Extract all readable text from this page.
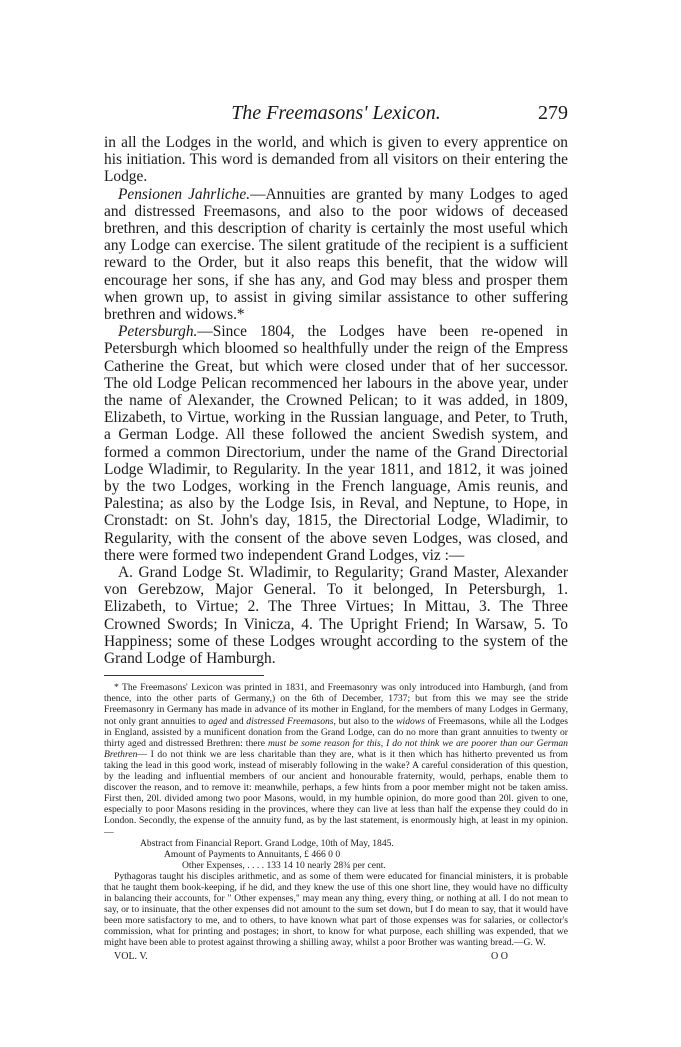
The Freemasons' Lexicon.	279

in all the Lodges in the world, and which is given to every apprentice on his initiation. This word is demanded from all visitors on their entering the Lodge.

Pensionen Jahrliche.—Annuities are granted by many Lodges to aged and distressed Freemasons, and also to the poor widows of deceased brethren, and this description of charity is certainly the most useful which any Lodge can exercise. The silent gratitude of the recipient is a sufficient reward to the Order, but it also reaps this benefit, that the widow will encourage her sons, if she has any, and God may bless and prosper them when grown up, to assist in giving similar assistance to other suffering brethren and widows.*

Petersburgh.—Since 1804, the Lodges have been re-opened in Petersburgh which bloomed so healthfully under the reign of the Empress Catherine the Great, but which were closed under that of her successor. The old Lodge Pelican recommenced her labours in the above year, under the name of Alexander, the Crowned Pelican; to it was added, in 1809, Elizabeth, to Virtue, working in the Russian language, and Peter, to Truth, a German Lodge. All these followed the ancient Swedish system, and formed a common Directorium, under the name of the Grand Directorial Lodge Wladimir, to Regularity. In the year 1811, and 1812, it was joined by the two Lodges, working in the French language, Amis reunis, and Palestina; as also by the Lodge Isis, in Reval, and Neptune, to Hope, in Cronstadt: on St. John's day, 1815, the Directorial Lodge, Wladimir, to Regularity, with the consent of the above seven Lodges, was closed, and there were formed two independent Grand Lodges, viz :—

A. Grand Lodge St. Wladimir, to Regularity; Grand Master, Alexander von Gerebzow, Major General. To it belonged, In Petersburgh, 1. Elizabeth, to Virtue; 2. The Three Virtues; In Mittau, 3. The Three Crowned Swords; In Vinicza, 4. The Upright Friend; In Warsaw, 5. To Happiness; some of these Lodges wrought according to the system of the Grand Lodge of Hamburgh.

* The Freemasons' Lexicon was printed in 1831, and Freemasonry was only introduced into Hamburgh, (and from thence, into the other parts of Germany,) on the 6th of December, 1737; but from this we may see the stride Freemasonry in Germany has made in advance of its mother in England, for the members of many Lodges in Germany, not only grant annuities to aged and distressed Freemasons, but also to the widows of Freemasons, while all the Lodges in England, assisted by a munificent donation from the Grand Lodge, can do no more than grant annuities to twenty or thirty aged and distressed Brethren: there must be some reason for this, I do not think we are poorer than our German Brethren— I do not think we are less charitable than they are, what is it then which has hitherto prevented us from taking the lead in this good work, instead of miserably following in the wake? A careful consideration of this question, by the leading and influential members of our ancient and honourable fraternity, would, perhaps, enable them to discover the reason, and to remove it: meanwhile, perhaps, a few hints from a poor member might not be taken amiss. First then, 20l. divided among two poor Masons, would, in my humble opinion, do more good than 20l. given to one, especially to poor Masons residing in the provinces, where they can live at less than half the expense they could do in London. Secondly, the expense of the annuity fund, as by the last statement, is enormously high, at least in my opinion.—

Abstract from Financial Report. Grand Lodge, 10th of May, 1845.

Amount of Payments to Annuitants, £ 466 0 0

Other Expenses, . . . . 133 14 10 nearly 28¾ per cent.

Pythagoras taught his disciples arithmetic, and as some of them were educated for financial ministers, it is probable that he taught them book-keeping, if he did, and they knew the use of this one short line, they would have no difficulty in balancing their accounts, for " Other expenses," may mean any thing, every thing, or nothing at all. I do not mean to say, or to insinuate, that the other expenses did not amount to the sum set down, but I do mean to say, that it would have been more satisfactory to me, and to others, to have known what part of those expenses was for salaries, or collector's commission, what for printing and postages; in short, to know for what purpose, each shilling was expended, that we might have been able to protest against throwing a shilling away, whilst a poor Brother was wanting bread.—G. W.

VOL. V.	O O
